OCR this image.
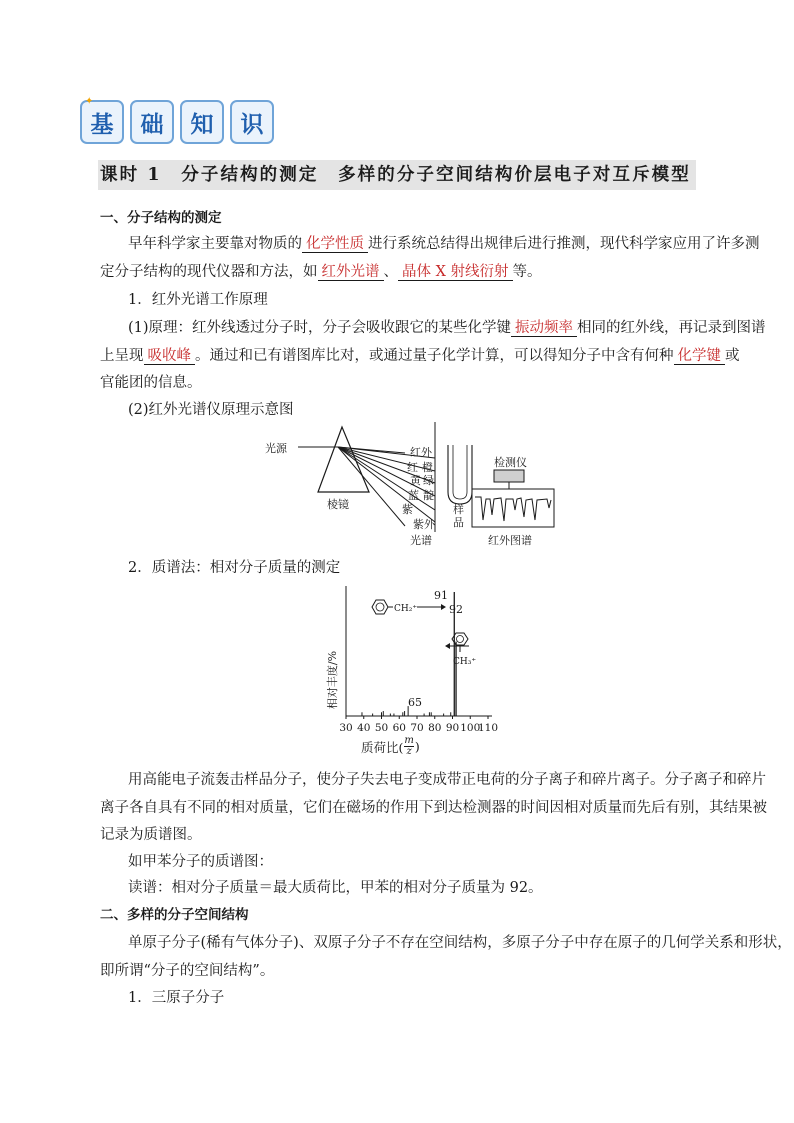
✦
基 础 知 识
课时 1　分子结构的测定　多样的分子空间结构价层电子对互斥模型
一、分子结构的测定
早年科学家主要靠对物质的 化学性质 进行系统总结得出规律后进行推测，现代科学家应用了许多测
定分子结构的现代仪器和方法，如 红外光谱 、 晶体 X 射线衍射 等。
1．红外光谱工作原理
(1)原理：红外线透过分子时，分子会吸收跟它的某些化学键 振动频率 相同的红外线，再记录到图谱
上呈现 吸收峰 。通过和已有谱图库比对，或通过量子化学计算，可以得知分子中含有何种 化学键 或
官能团的信息。
(2)红外光谱仪原理示意图
光源
棱镜
红外
红 橙
黄 绿
蓝 靛
紫
紫外
光谱
样
品
检测仪
红外图谱
2．质谱法：相对分子质量的测定
相对丰度/%
30 40 50 60 70 80 90 100
110
CH₂⁺
91
92
CH₃⁺
65
质荷比( m
z )
用高能电子流轰击样品分子，使分子失去电子变成带正电荷的分子离子和碎片离子。分子离子和碎片
离子各自具有不同的相对质量，它们在磁场的作用下到达检测器的时间因相对质量而先后有别，其结果被
记录为质谱图。
如甲苯分子的质谱图：
读谱：相对分子质量＝最大质荷比，甲苯的相对分子质量为 92。
二、多样的分子空间结构
单原子分子(稀有气体分子)、双原子分子不存在空间结构，多原子分子中存在原子的几何学关系和形状，
即所谓“分子的空间结构”。
1．三原子分子
